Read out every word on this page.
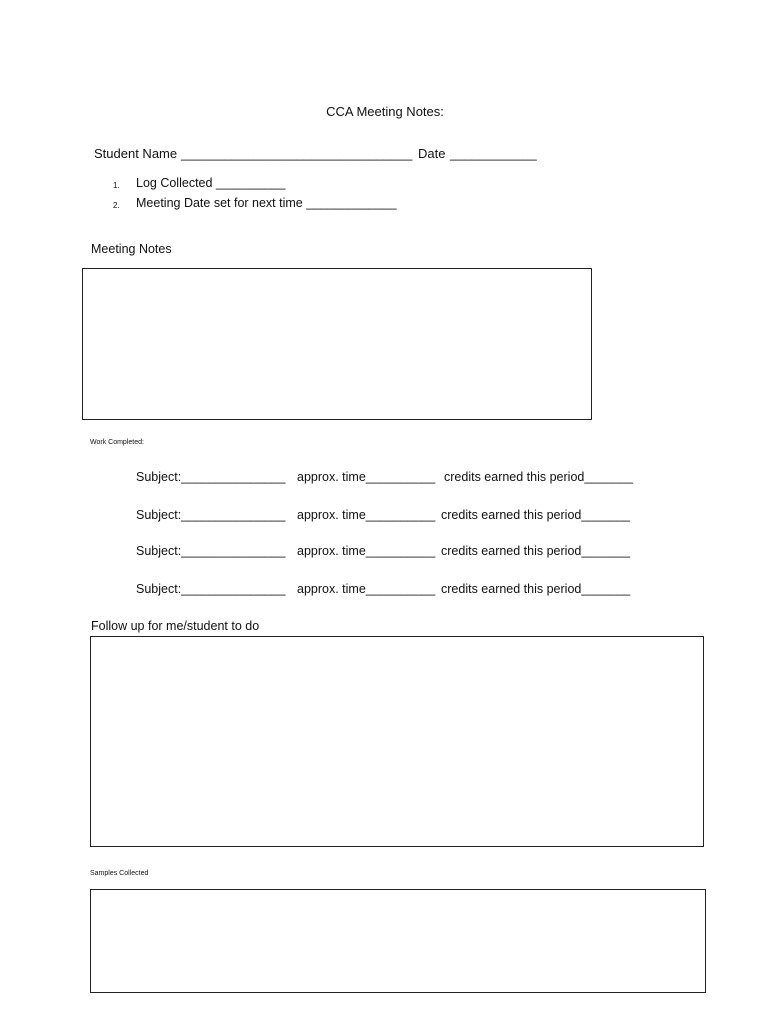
CCA Meeting Notes:
Student Name ________________________________ Date ____________
1. Log Collected __________
2. Meeting Date set for next time _____________
Meeting Notes
Work Completed:
Subject:_______________ approx. time__________ credits earned this period_______
Subject:_______________ approx. time__________ credits earned this period_______
Subject:_______________ approx. time__________ credits earned this period_______
Subject:_______________ approx. time__________ credits earned this period_______
Follow up for me/student to do
Samples Collected
